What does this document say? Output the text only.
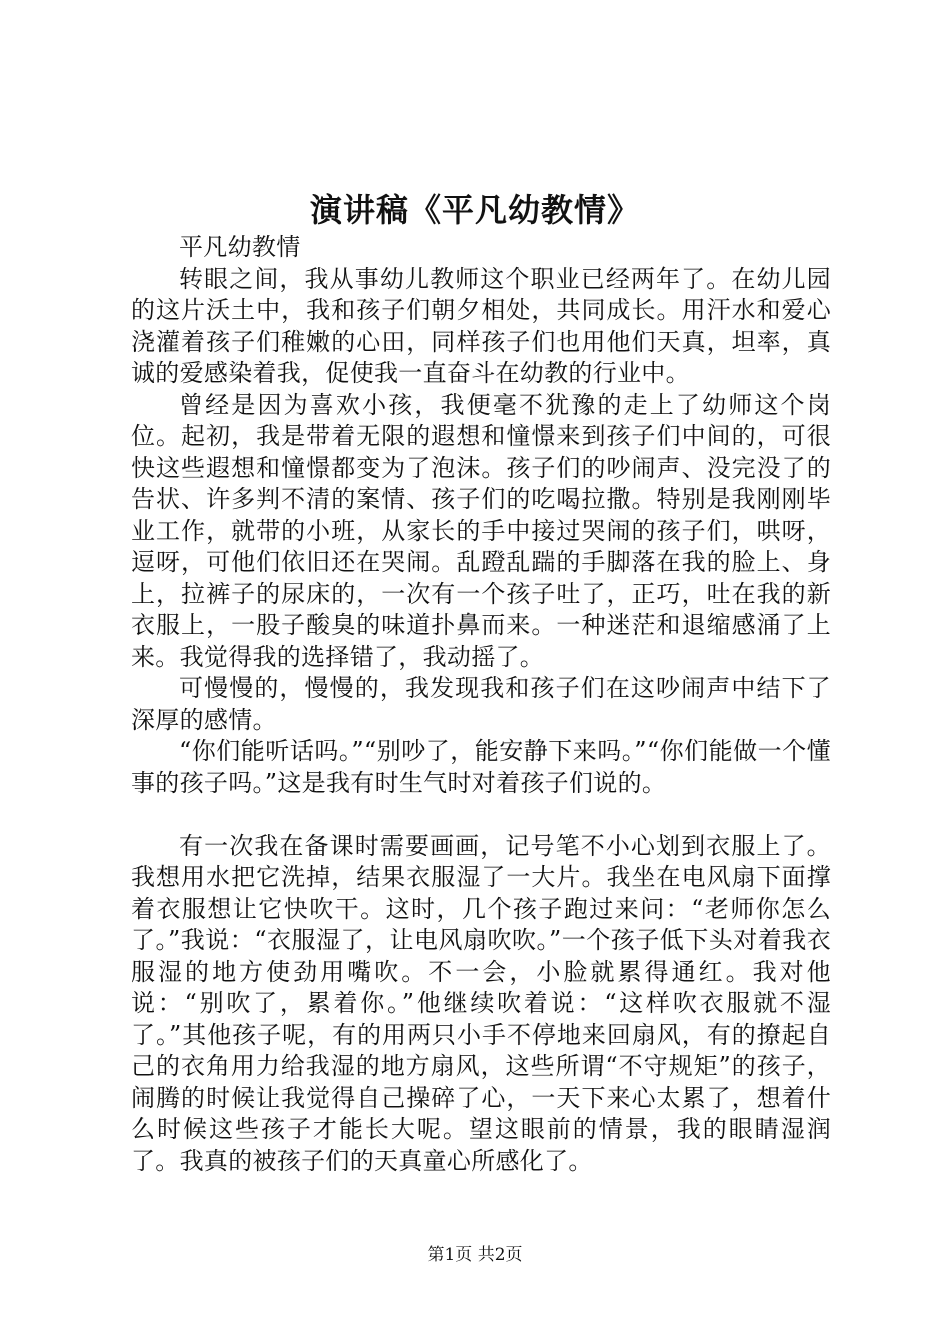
演讲稿《平凡幼教情》

平凡幼教情

转眼之间，我从事幼儿教师这个职业已经两年了。在幼儿园的这片沃土中，我和孩子们朝夕相处，共同成长。用汗水和爱心浇灌着孩子们稚嫩的心田，同样孩子们也用他们天真，坦率，真诚的爱感染着我，促使我一直奋斗在幼教的行业中。

曾经是因为喜欢小孩，我便毫不犹豫的走上了幼师这个岗位。起初，我是带着无限的遐想和憧憬来到孩子们中间的，可很快这些遐想和憧憬都变为了泡沫。孩子们的吵闹声、没完没了的告状、许多判不清的案情、孩子们的吃喝拉撒。特别是我刚刚毕业工作，就带的小班，从家长的手中接过哭闹的孩子们，哄呀，逗呀，可他们依旧还在哭闹。乱蹬乱踹的手脚落在我的脸上、身上，拉裤子的尿床的，一次有一个孩子吐了，正巧，吐在我的新衣服上，一股子酸臭的味道扑鼻而来。一种迷茫和退缩感涌了上来。我觉得我的选择错了，我动摇了。

可慢慢的，慢慢的，我发现我和孩子们在这吵闹声中结下了深厚的感情。

“你们能听话吗。”“别吵了，能安静下来吗。”“你们能做一个懂事的孩子吗。”这是我有时生气时对着孩子们说的。

有一次我在备课时需要画画，记号笔不小心划到衣服上了。我想用水把它洗掉，结果衣服湿了一大片。我坐在电风扇下面撑着衣服想让它快吹干。这时，几个孩子跑过来问：“老师你怎么了。”我说：“衣服湿了，让电风扇吹吹。”一个孩子低下头对着我衣服湿的地方使劲用嘴吹。不一会，小脸就累得通红。我对他说：“别吹了，累着你。”他继续吹着说：“这样吹衣服就不湿了。”其他孩子呢，有的用两只小手不停地来回扇风，有的撩起自己的衣角用力给我湿的地方扇风，这些所谓“不守规矩”的孩子，闹腾的时候让我觉得自己操碎了心，一天下来心太累了，想着什么时候这些孩子才能长大呢。望这眼前的情景，我的眼睛湿润了。我真的被孩子们的天真童心所感化了。

第1页 共2页
